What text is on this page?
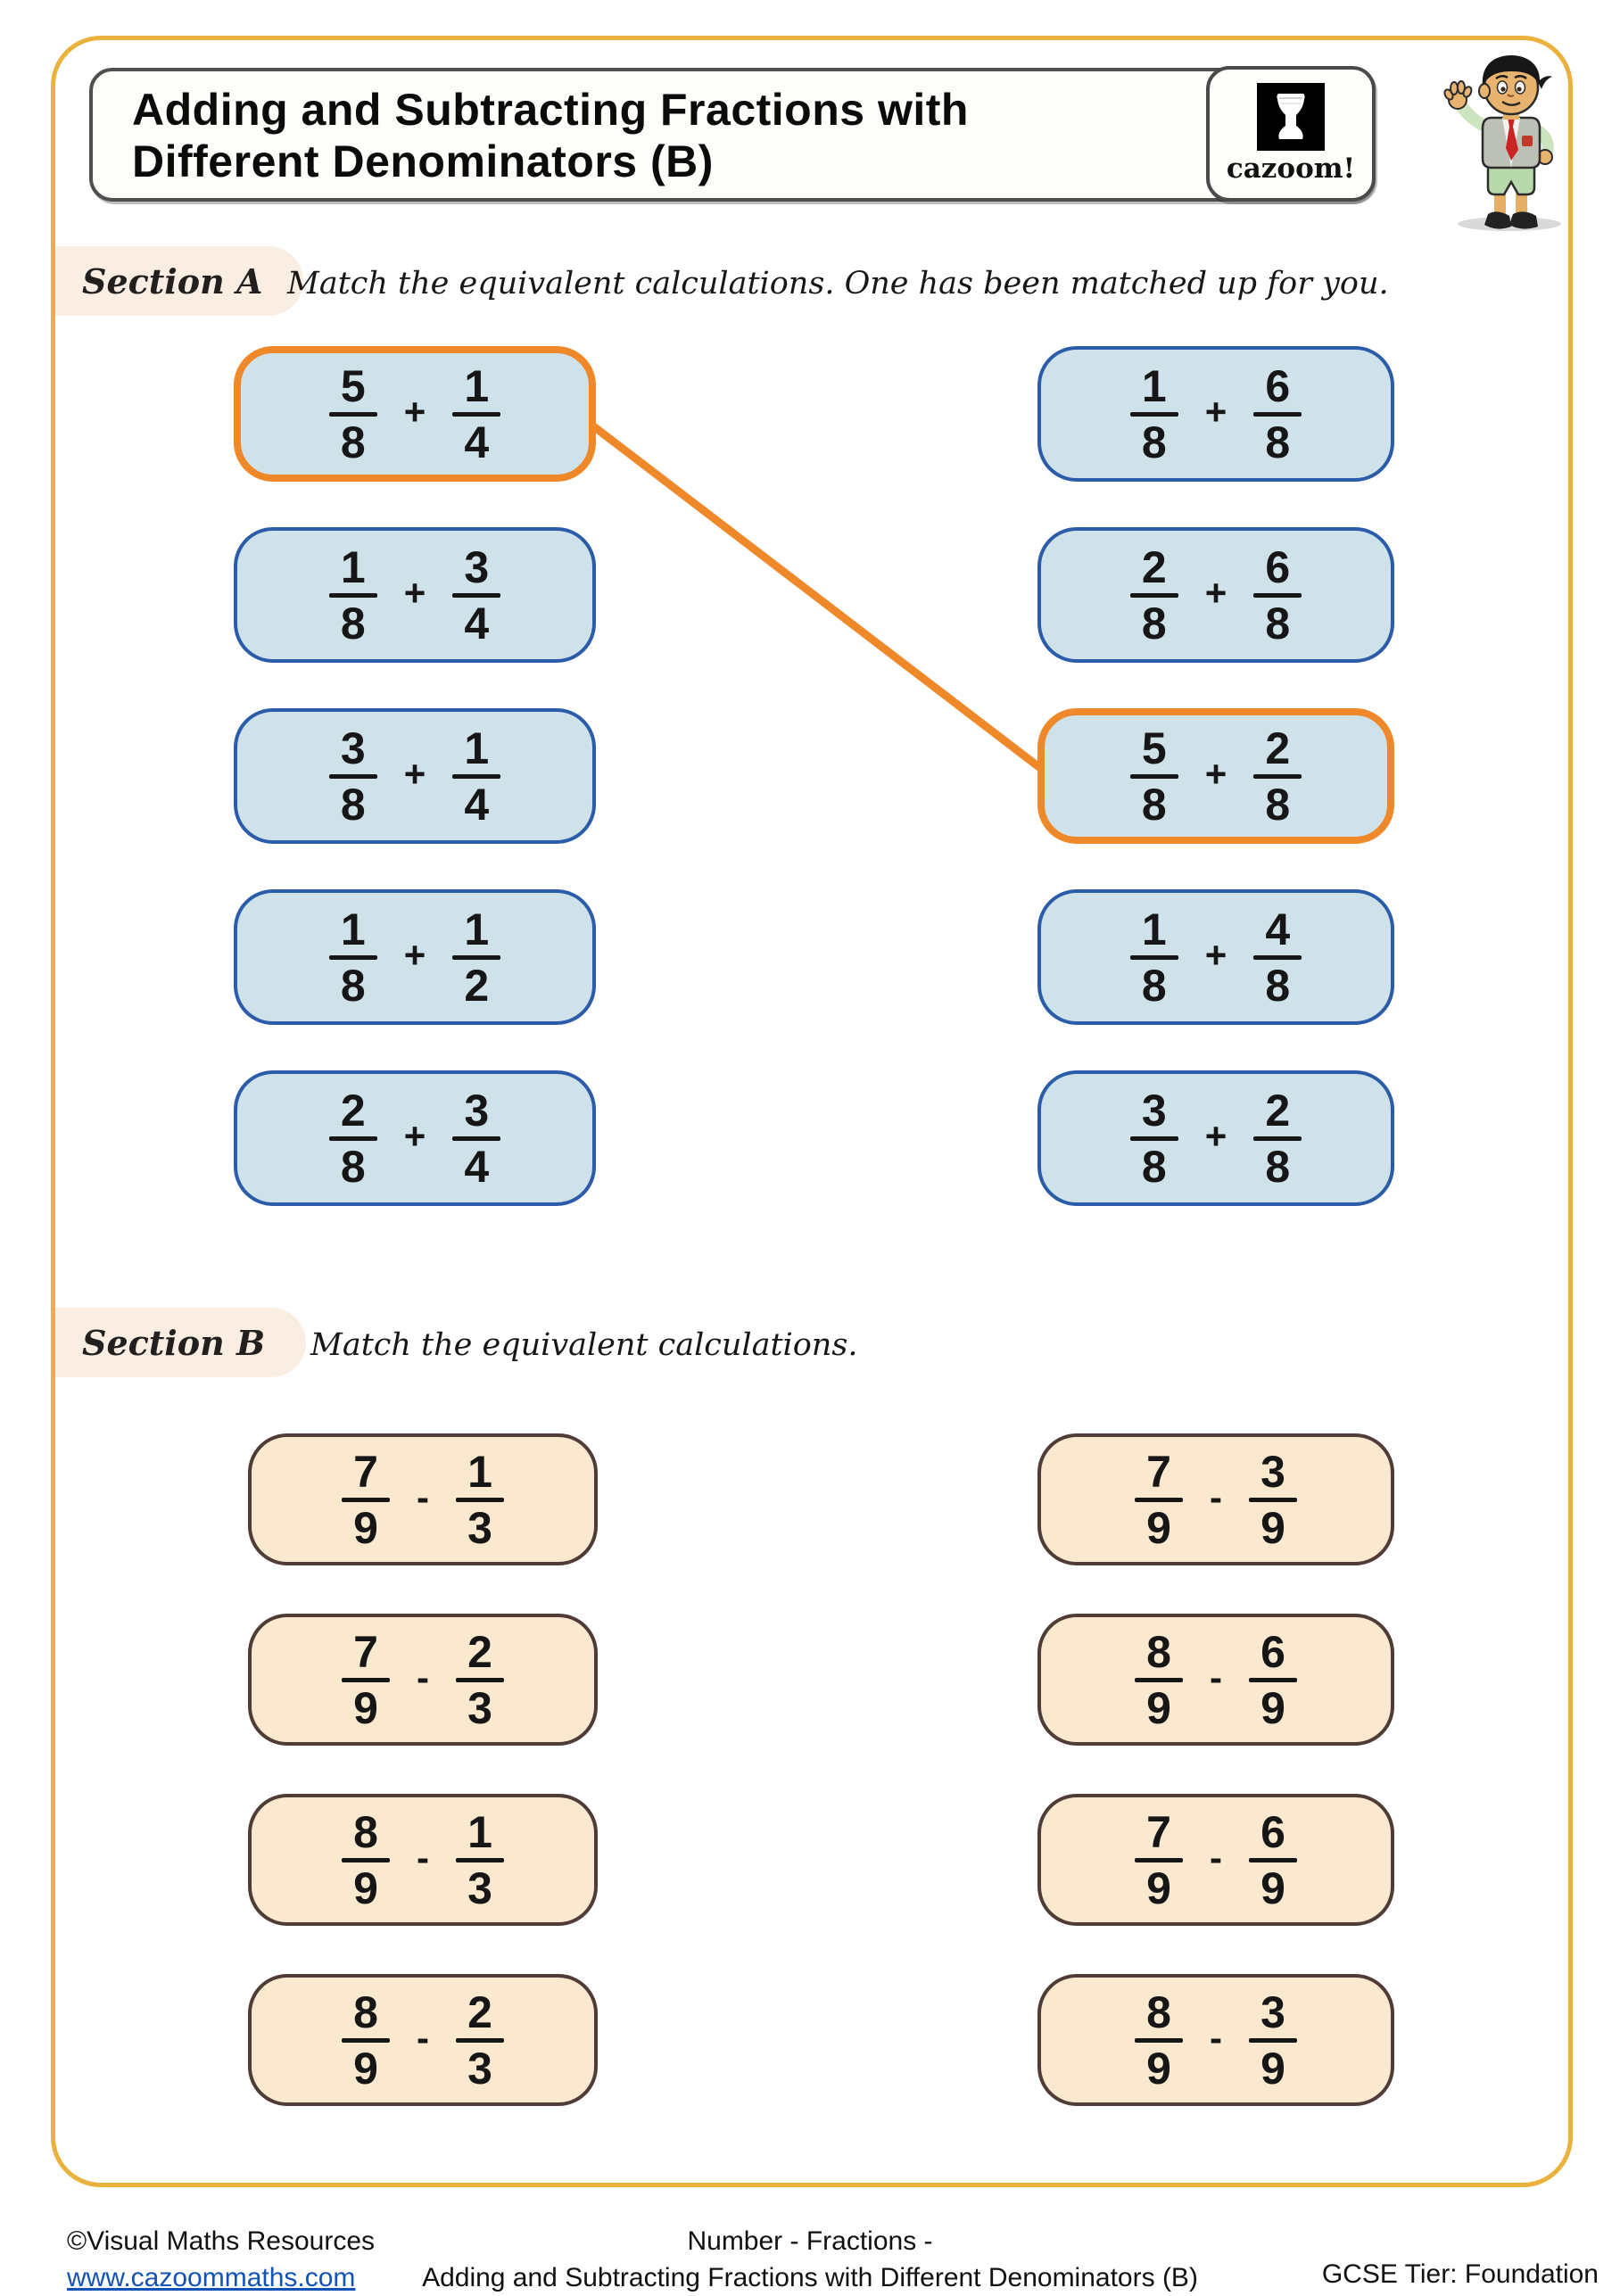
Adding and Subtracting Fractions with
Different Denominators (B)	cazoom!
Section A Match the equivalent calculations. One has been matched up for you.
5
8
+
1
4
1
8
+
3
4
3
8
+
1
4
1
8
+
1
2
2
8
+
3
4
1
8
+
6
8
2
8
+
6
8
5
8
+
2
8
1
8
+
4
8
3
8
+
2
8
Section B	Match the equivalent calculations.
7
9
-
1
3
7
9
-
2
3
8
9
-
1
3
8
9
-
2
3
7
9
-
3
9
8
9
-
6
9
7
9
-
6
9
8
9
-
3
9
©Visual Maths Resources
www.cazoommaths.com
Number - Fractions -
Adding and Subtracting Fractions with Different Denominators (B)	GCSE Tier: Foundation
